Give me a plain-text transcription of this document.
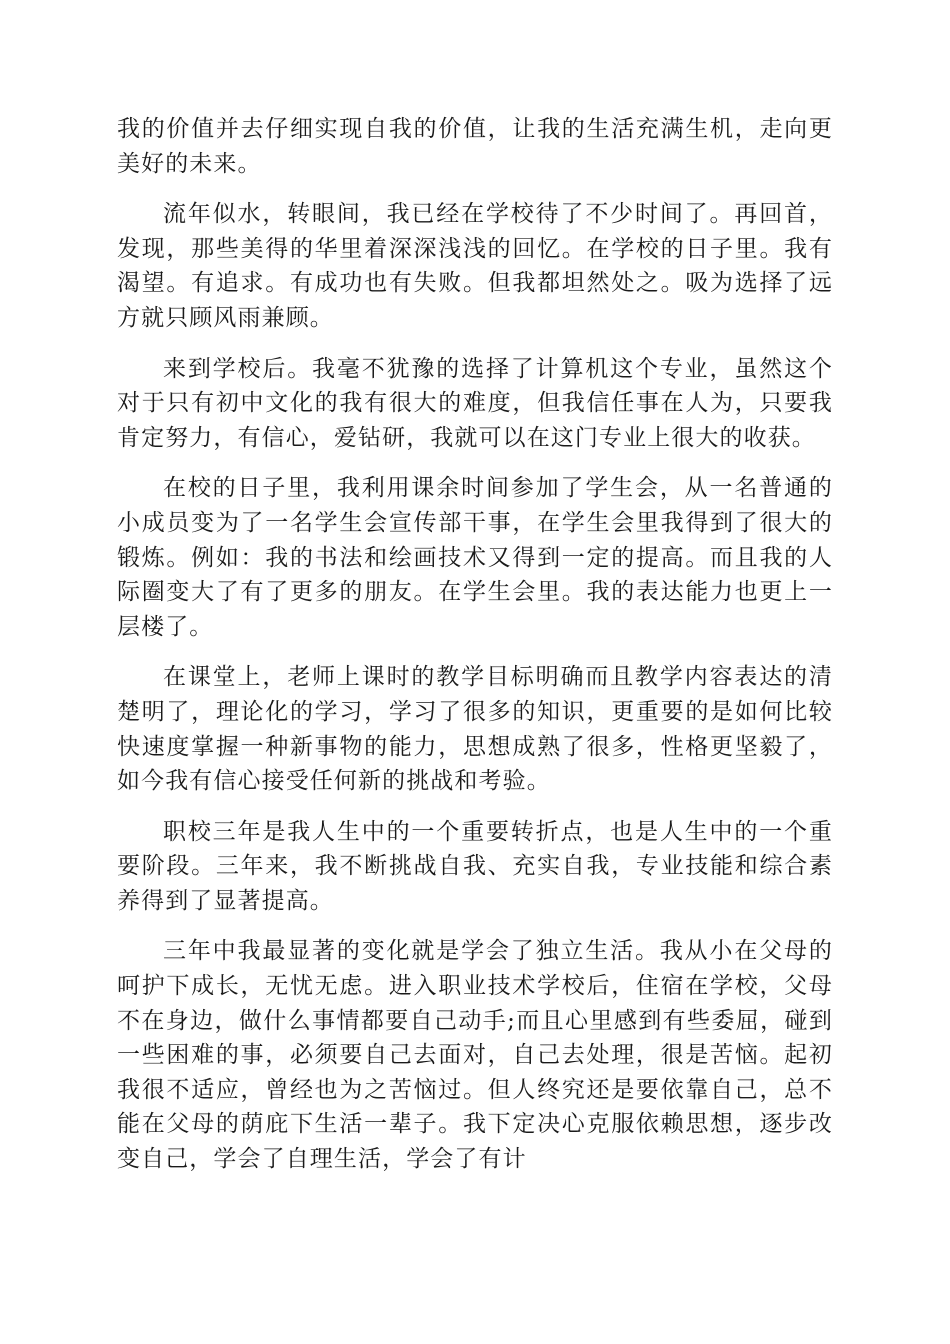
我的价值并去仔细实现自我的价值，让我的生活充满生机，走向更美好的未来。

流年似水，转眼间，我已经在学校待了不少时间了。再回首，发现，那些美得的华里着深深浅浅的回忆。在学校的日子里。我有渴望。有追求。有成功也有失败。但我都坦然处之。吸为选择了远方就只顾风雨兼顾。

来到学校后。我毫不犹豫的选择了计算机这个专业，虽然这个对于只有初中文化的我有很大的难度，但我信任事在人为，只要我肯定努力，有信心，爱钻研，我就可以在这门专业上很大的收获。

在校的日子里，我利用课余时间参加了学生会，从一名普通的小成员变为了一名学生会宣传部干事，在学生会里我得到了很大的锻炼。例如：我的书法和绘画技术又得到一定的提高。而且我的人际圈变大了有了更多的朋友。在学生会里。我的表达能力也更上一层楼了。

在课堂上，老师上课时的教学目标明确而且教学内容表达的清楚明了，理论化的学习，学习了很多的知识，更重要的是如何比较快速度掌握一种新事物的能力，思想成熟了很多，性格更坚毅了，如今我有信心接受任何新的挑战和考验。

职校三年是我人生中的一个重要转折点，也是人生中的一个重要阶段。三年来，我不断挑战自我、充实自我，专业技能和综合素养得到了显著提高。

三年中我最显著的变化就是学会了独立生活。我从小在父母的呵护下成长，无忧无虑。进入职业技术学校后，住宿在学校，父母不在身边，做什么事情都要自己动手;而且心里感到有些委屈，碰到一些困难的事，必须要自己去面对，自己去处理，很是苦恼。起初我很不适应，曾经也为之苦恼过。但人终究还是要依靠自己，总不能在父母的荫庇下生活一辈子。我下定决心克服依赖思想，逐步改变自己，学会了自理生活，学会了有计
